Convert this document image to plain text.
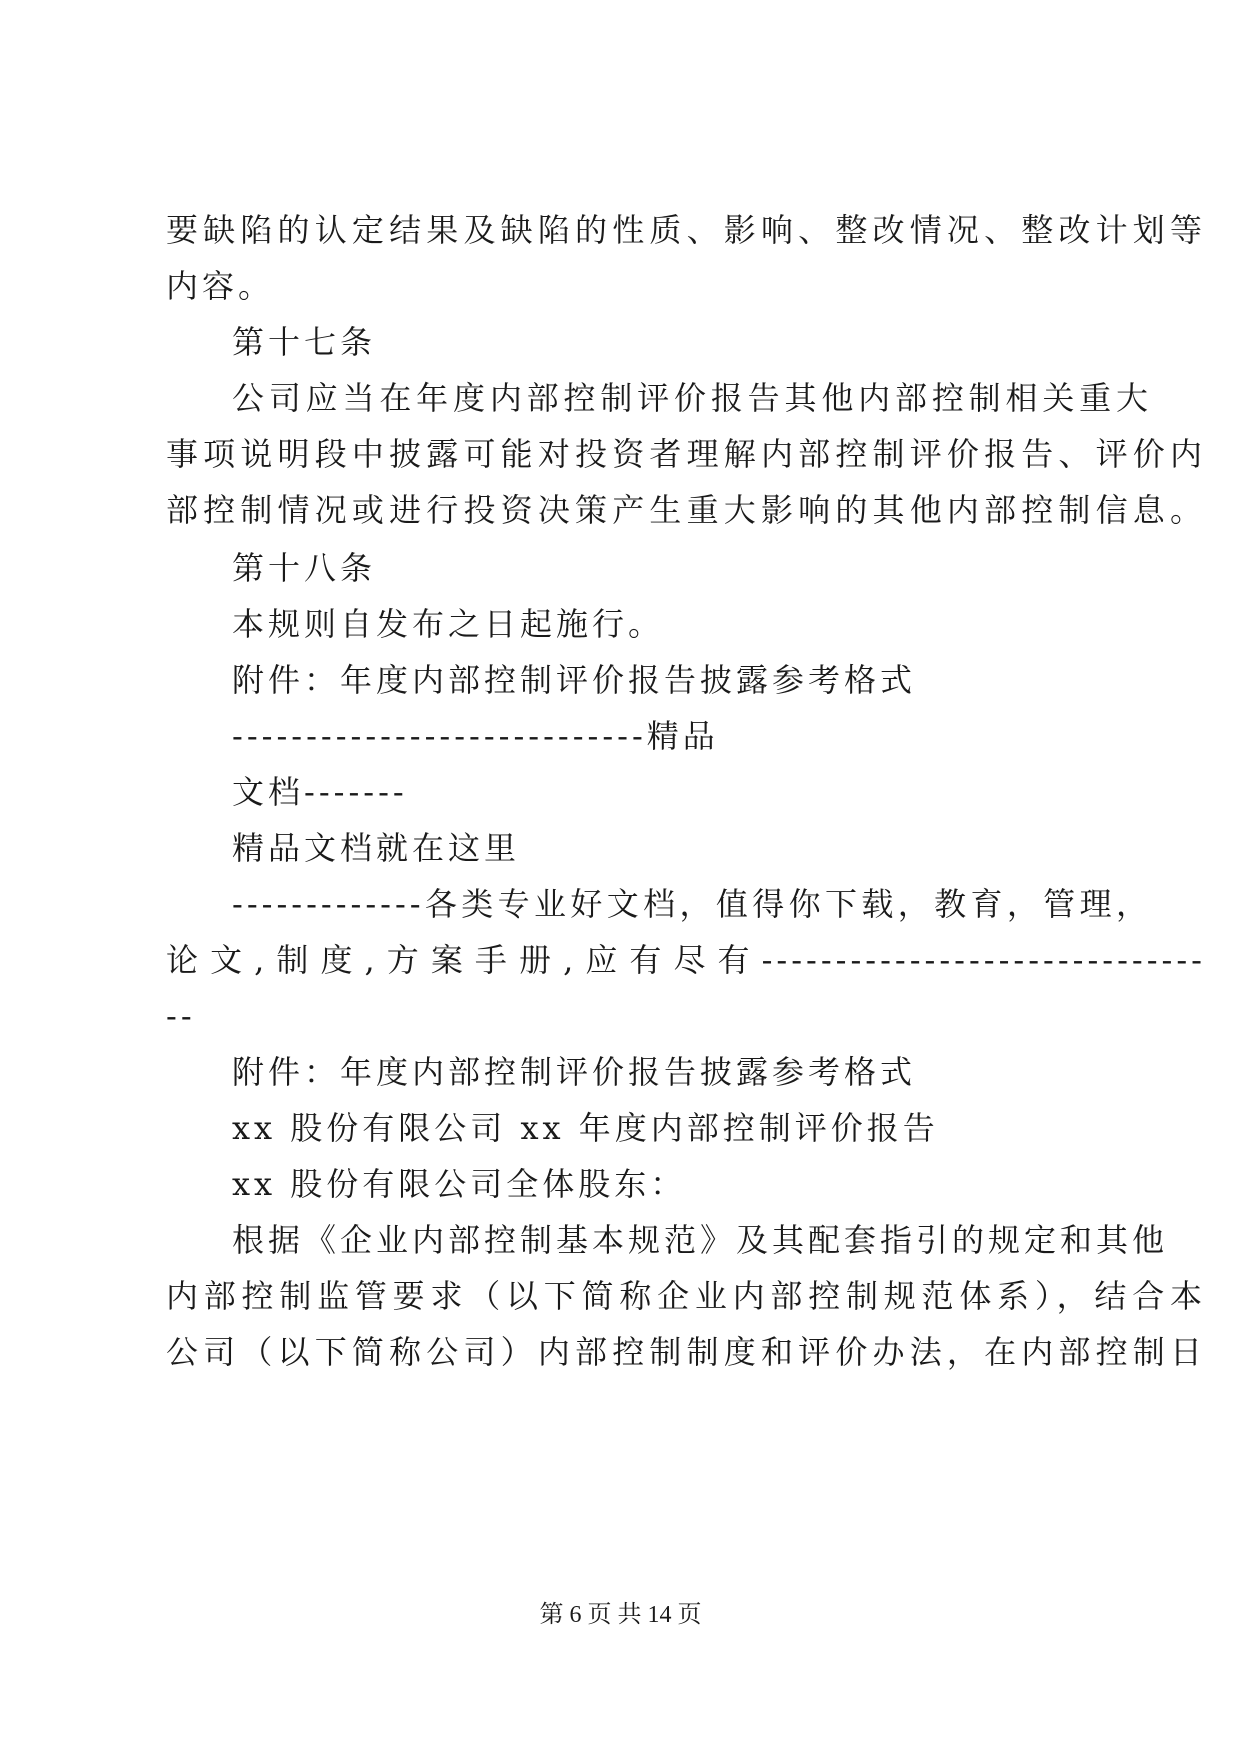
要缺陷的认定结果及缺陷的性质、影响、整改情况、整改计划等
内容。
第十七条
公司应当在年度内部控制评价报告其他内部控制相关重大
事项说明段中披露可能对投资者理解内部控制评价报告、评价内
部控制情况或进行投资决策产生重大影响的其他内部控制信息。
第十八条
本规则自发布之日起施行。
附件：年度内部控制评价报告披露参考格式
----------------------------精品
文档-------
精品文档就在这里
-------------各类专业好文档，值得你下载，教育，管理，
论文,制度,方案手册,应有尽有------------------------------
--
附件：年度内部控制评价报告披露参考格式
xx 股份有限公司 xx 年度内部控制评价报告
xx 股份有限公司全体股东：
根据《企业内部控制基本规范》及其配套指引的规定和其他
内部控制监管要求（以下简称企业内部控制规范体系），结合本
公司（以下简称公司）内部控制制度和评价办法，在内部控制日
第 6 页 共 14 页
